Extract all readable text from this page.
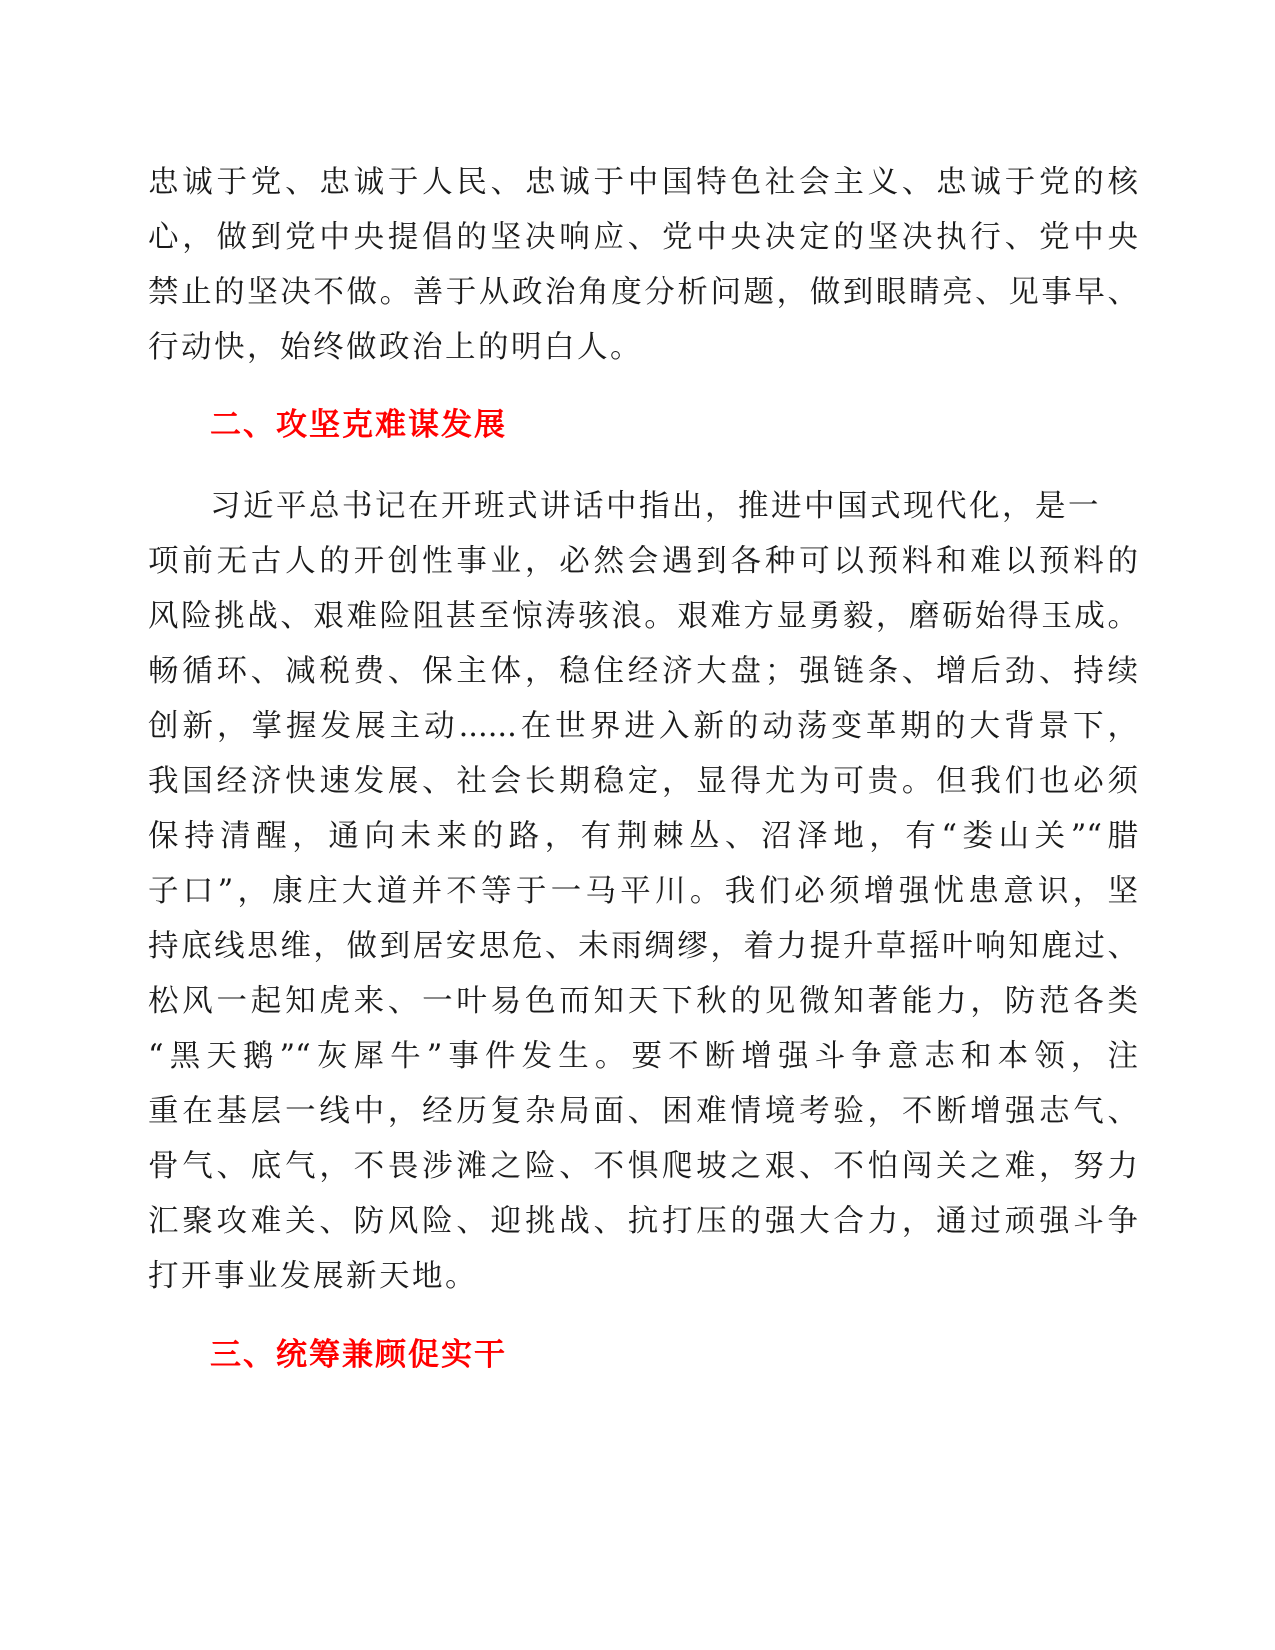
忠诚于党、忠诚于人民、忠诚于中国特色社会主义、忠诚于党的核
心，做到党中央提倡的坚决响应、党中央决定的坚决执行、党中央
禁止的坚决不做。善于从政治角度分析问题，做到眼睛亮、见事早、
行动快，始终做政治上的明白人。
二、攻坚克难谋发展
习近平总书记在开班式讲话中指出，推进中国式现代化，是一
项前无古人的开创性事业，必然会遇到各种可以预料和难以预料的
风险挑战、艰难险阻甚至惊涛骇浪。艰难方显勇毅，磨砺始得玉成。
畅循环、减税费、保主体，稳住经济大盘；强链条、增后劲、持续
创新，掌握发展主动......在世界进入新的动荡变革期的大背景下，
我国经济快速发展、社会长期稳定，显得尤为可贵。但我们也必须
保持清醒，通向未来的路，有荆棘丛、沼泽地，有“娄山关”“腊
子口”，康庄大道并不等于一马平川。我们必须增强忧患意识，坚
持底线思维，做到居安思危、未雨绸缪，着力提升草摇叶响知鹿过、
松风一起知虎来、一叶易色而知天下秋的见微知著能力，防范各类
“黑天鹅”“灰犀牛”事件发生。要不断增强斗争意志和本领，注
重在基层一线中，经历复杂局面、困难情境考验，不断增强志气、
骨气、底气，不畏涉滩之险、不惧爬坡之艰、不怕闯关之难，努力
汇聚攻难关、防风险、迎挑战、抗打压的强大合力，通过顽强斗争
打开事业发展新天地。
三、统筹兼顾促实干
